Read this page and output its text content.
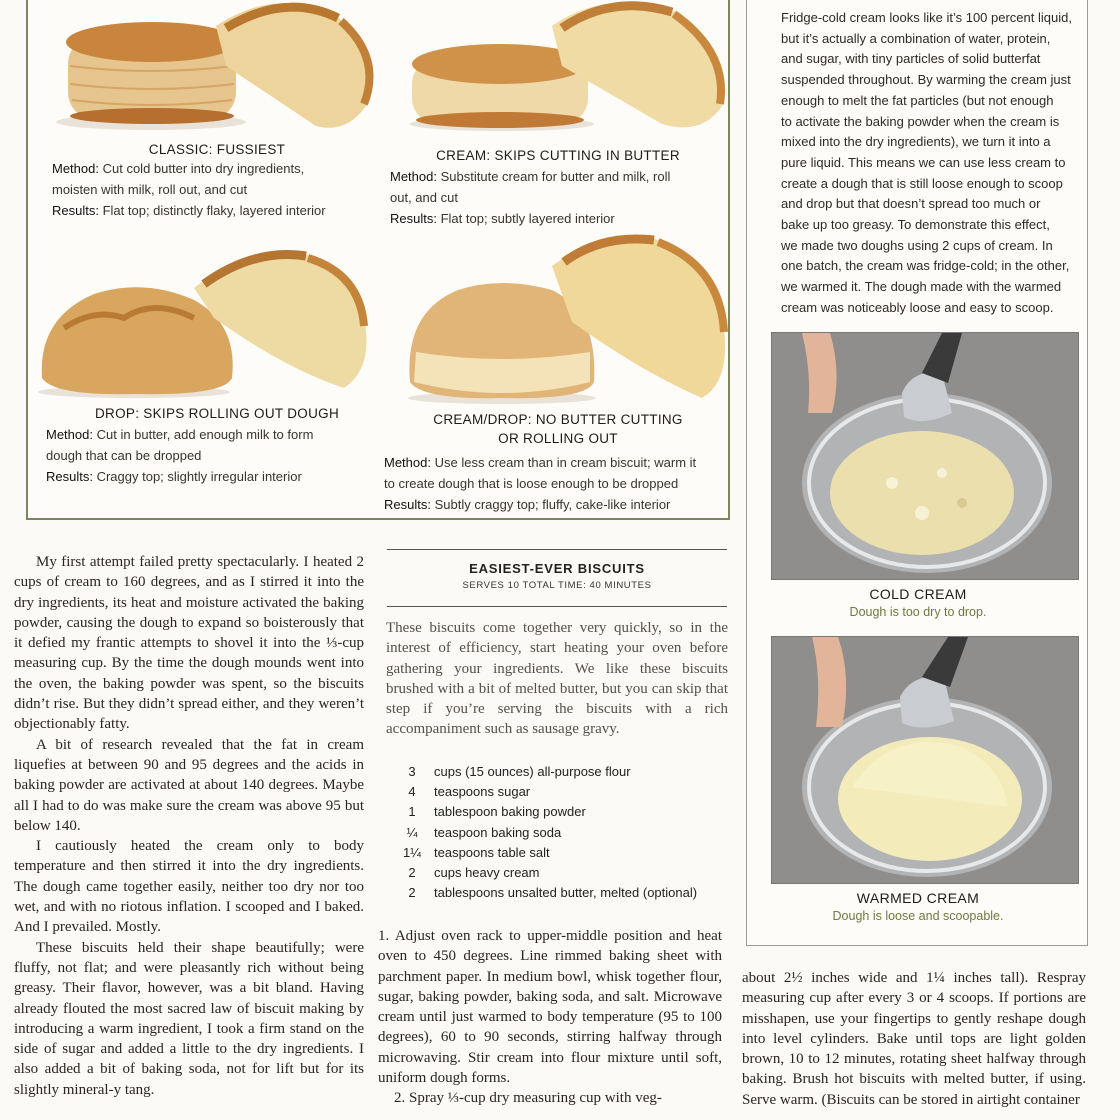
CLASSIC: FUSSIEST
Method: Cut cold butter into dry ingredients,
moisten with milk, roll out, and cut
Results: Flat top; distinctly flaky, layered interior
CREAM: SKIPS CUTTING IN BUTTER
Method: Substitute cream for butter and milk, roll
out, and cut
Results: Flat top; subtly layered interior
DROP: SKIPS ROLLING OUT DOUGH
Method: Cut in butter, add enough milk to form
dough that can be dropped
Results: Craggy top; slightly irregular interior
CREAM/DROP: NO BUTTER CUTTING
OR ROLLING OUT
Method: Use less cream than in cream biscuit; warm it
to create dough that is loose enough to be dropped
Results: Subtly craggy top; fluffy, cake-like interior
Fridge-cold cream looks like it’s 100 percent liquid,
but it’s actually a combination of water, protein,
and sugar, with tiny particles of solid butterfat
suspended throughout. By warming the cream just
enough to melt the fat particles (but not enough
to activate the baking powder when the cream is
mixed into the dry ingredients), we turn it into a
pure liquid. This means we can use less cream to
create a dough that is still loose enough to scoop
and drop but that doesn’t spread too much or
bake up too greasy. To demonstrate this effect,
we made two doughs using 2 cups of cream. In
one batch, the cream was fridge-cold; in the other,
we warmed it. The dough made with the warmed
cream was noticeably loose and easy to scoop.
COLD CREAM
Dough is too dry to drop.
WARMED CREAM
Dough is loose and scoopable.

My first attempt failed pretty spectacularly. I heated 2 cups of cream to 160 degrees, and as I stirred it into the dry ingredients, its heat and moisture activated the baking powder, causing the dough to expand so boisterously that it defied my frantic attempts to shovel it into the ⅓-cup measuring cup. By the time the dough mounds went into the oven, the baking powder was spent, so the biscuits didn’t rise. But they didn’t spread either, and they weren’t objectionably fatty.

A bit of research revealed that the fat in cream liquefies at between 90 and 95 degrees and the acids in baking powder are activated at about 140 degrees. Maybe all I had to do was make sure the cream was above 95 but below 140.

I cautiously heated the cream only to body temperature and then stirred it into the dry ingredients. The dough came together easily, neither too dry nor too wet, and with no riotous inflation. I scooped and I baked. And I prevailed. Mostly.

These biscuits held their shape beautifully; were fluffy, not flat; and were pleasantly rich without being greasy. Their flavor, however, was a bit bland. Having already flouted the most sacred law of biscuit making by introducing a warm ingredient, I took a firm stand on the side of sugar and added a little to the dry ingredients. I also added a bit of baking soda, not for lift but for its slightly mineral-y tang.

EASIEST-EVER BISCUITS
SERVES 10 TOTAL TIME: 40 MINUTES
These biscuits come together very quickly, so in the interest of efficiency, start heating your oven before gathering your ingredients. We like these biscuits brushed with a bit of melted butter, but you can skip that step if you’re serving the biscuits with a rich accompaniment such as sausage gravy.
3	cups (15 ounces) all-purpose flour
4	teaspoons sugar
1	tablespoon baking powder
¼	teaspoon baking soda
1¼ teaspoons table salt
2	cups heavy cream
2	tablespoons unsalted butter, melted (optional)

1. Adjust oven rack to upper-middle position and heat oven to 450 degrees. Line rimmed baking sheet with parchment paper. In medium bowl, whisk together flour, sugar, baking powder, baking soda, and salt. Microwave cream until just warmed to body temperature (95 to 100 degrees), 60 to 90 seconds, stirring halfway through microwaving. Stir cream into flour mixture until soft, uniform dough forms.

2. Spray ⅓-cup dry measuring cup with veg-

about 2½ inches wide and 1¼ inches tall). Respray measuring cup after every 3 or 4 scoops. If portions are misshapen, use your fingertips to gently reshape dough into level cylinders. Bake until tops are light golden brown, 10 to 12 minutes, rotating sheet halfway through baking. Brush hot biscuits with melted butter, if using. Serve warm. (Biscuits can be stored in airtight container
